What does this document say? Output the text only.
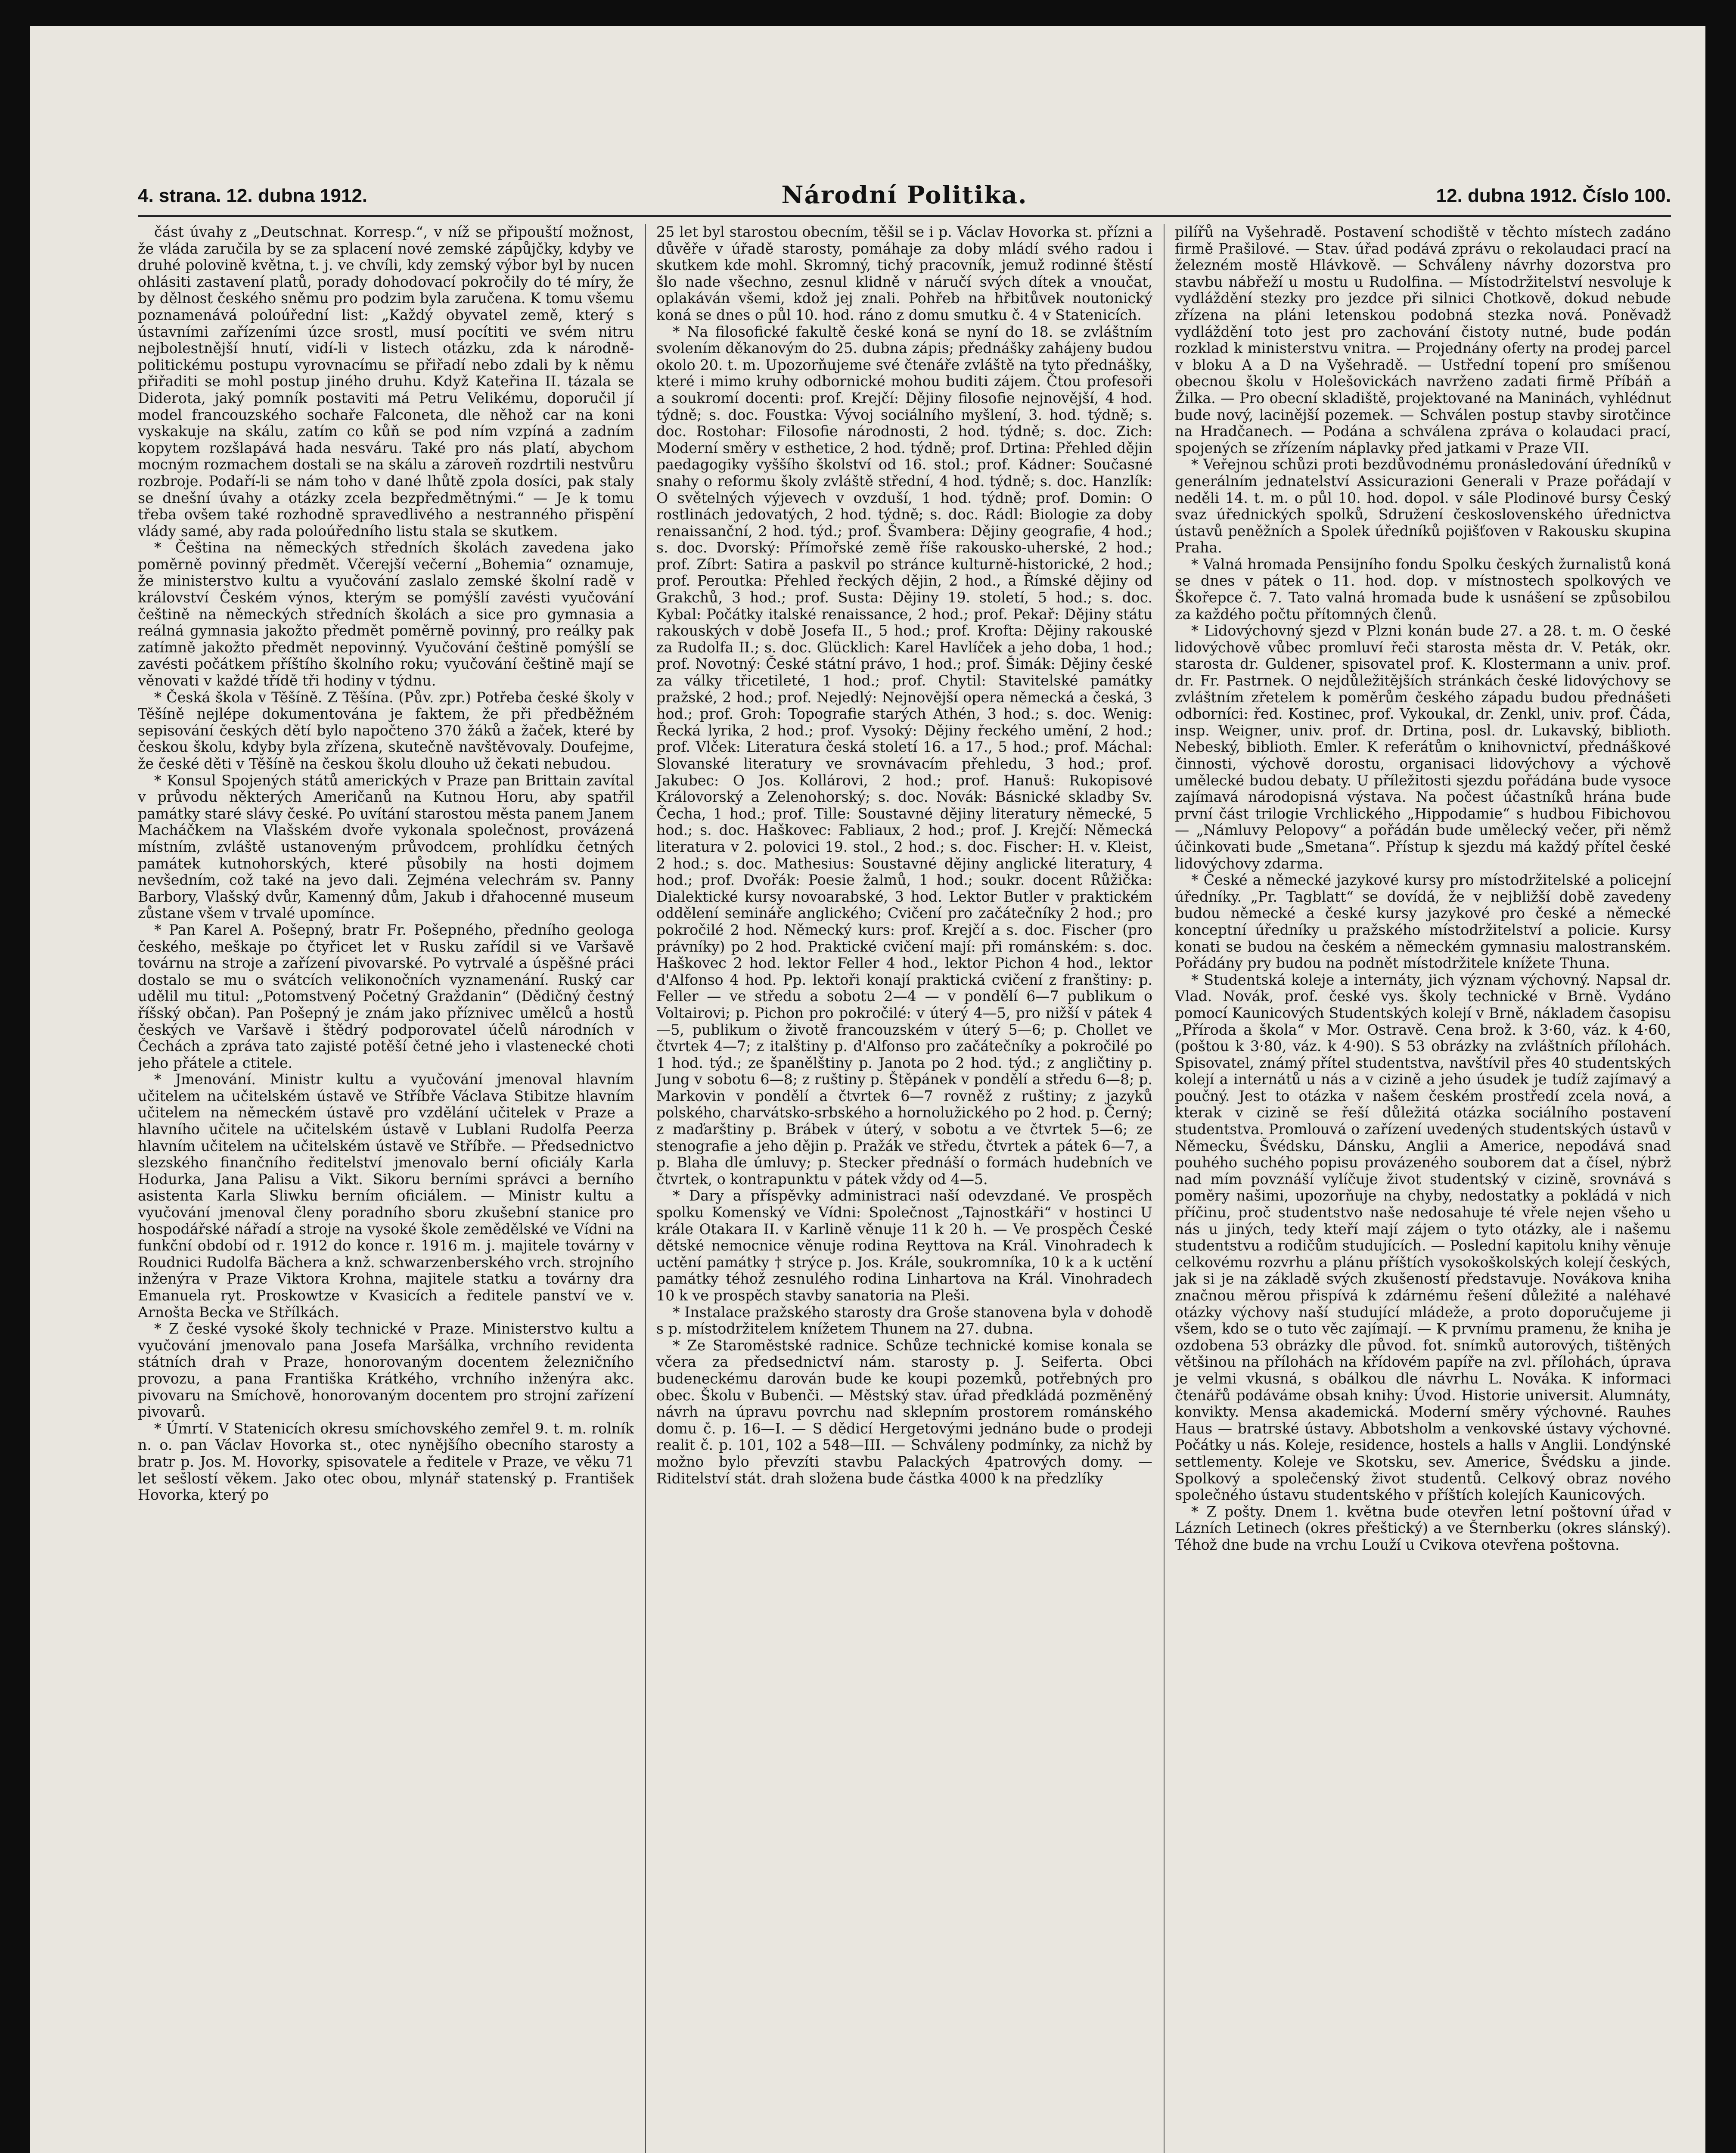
4. strana. 12. dubna 1912.	Národní Politika.	12. dubna 1912. Číslo 100.

část úvahy z „Deutschnat. Korresp.“, v níž se připouští možnost, že vláda zaručila by se za splacení nové zemské zápůjčky, kdyby ve druhé polovině května, t. j. ve chvíli, kdy zemský výbor byl by nucen ohlásiti zastavení platů, porady dohodovací pokročily do té míry, že by dělnost českého sněmu pro podzim byla zaručena. K tomu všemu poznamenává poloúřední list: „Každý obyvatel země, který s ústavními zařízeními úzce srostl, musí pocítiti ve svém nitru nejbolestnější hnutí, vidí-li v listech otázku, zda k národně-politickému postupu vyrovnacímu se přiřadí nebo zdali by k němu přiřaditi se mohl postup jiného druhu. Když Kateřina II. tázala se Diderota, jaký pomník postaviti má Petru Velikému, doporučil jí model francouzského sochaře Falconeta, dle něhož car na koni vyskakuje na skálu, zatím co kůň se pod ním vzpíná a zadním kopytem rozšlapává hada nesváru. Také pro nás platí, abychom mocným rozmachem dostali se na skálu a zároveň rozdrtili nestvůru rozbroje. Podaří-li se nám toho v dané lhůtě zpola dosíci, pak staly se dnešní úvahy a otázky zcela bezpředmětnými.“ — Je k tomu třeba ovšem také rozhodně spravedlivého a nestranného přispění vlády samé, aby rada poloúředního listu stala se skutkem.

* Čeština na německých středních školách zavedena jako poměrně povinný předmět. Včerejší večerní „Bohemia“ oznamuje, že ministerstvo kultu a vyučování zaslalo zemské školní radě v království Českém výnos, kterým se pomýšlí zavésti vyučování češtině na německých středních školách a sice pro gymnasia a reálná gymnasia jakožto předmět poměrně povinný, pro reálky pak zatímně jakožto předmět nepovinný. Vyučování češtině pomýšlí se zavésti počátkem příštího školního roku; vyučování češtině mají se věnovati v každé třídě tři hodiny v týdnu.

* Česká škola v Těšíně. Z Těšína. (Pův. zpr.) Potřeba české školy v Těšíně nejlépe dokumentována je faktem, že při předběžném sepisování českých dětí bylo napočteno 370 žáků a žaček, které by českou školu, kdyby byla zřízena, skutečně navštěvovaly. Doufejme, že české děti v Těšíně na českou školu dlouho už čekati nebudou.

* Konsul Spojených států amerických v Praze pan Brittain zavítal v průvodu některých Američanů na Kutnou Horu, aby spatřil památky staré slávy české. Po uvítání starostou města panem Janem Macháčkem na Vlašském dvoře vykonala společnost, provázená místním, zvláště ustanoveným průvodcem, prohlídku četných památek kutnohorských, které působily na hosti dojmem nevšedním, což také na jevo dali. Zejména velechrám sv. Panny Barbory, Vlašský dvůr, Kamenný dům, Jakub i dřahocenné museum zůstane všem v trvalé upomínce.

* Pan Karel A. Pošepný, bratr Fr. Pošepného, předního geologa českého, meškaje po čtyřicet let v Rusku zařídil si ve Varšavě továrnu na stroje a zařízení pivovarské. Po vytrvalé a úspěšné práci dostalo se mu o svátcích velikonočních vyznamenání. Ruský car udělil mu titul: „Potomstvený Početný Graždanin“ (Dědičný čestný říšský občan). Pan Pošepný je znám jako příznivec umělců a hostů českých ve Varšavě i štědrý podporovatel účelů národních v Čechách a zpráva tato zajisté potěší četné jeho i vlastenecké choti jeho přátele a ctitele.

* Jmenování. Ministr kultu a vyučování jmenoval hlavním učitelem na učitelském ústavě ve Stříbře Václava Stibitze hlavním učitelem na německém ústavě pro vzdělání učitelek v Praze a hlavního učitele na učitelském ústavě v Lublani Rudolfa Peerza hlavním učitelem na učitelském ústavě ve Stříbře. — Předsednictvo slezského finančního ředitelství jmenovalo berní oficiály Karla Hodurka, Jana Palisu a Vikt. Sikoru berními správci a berního asistenta Karla Sliwku berním oficiálem. — Ministr kultu a vyučování jmenoval členy poradního sboru zkušební stanice pro hospodářské nářadí a stroje na vysoké škole zemědělské ve Vídni na funkční období od r. 1912 do konce r. 1916 m. j. majitele továrny v Roudnici Rudolfa Bächera a knž. schwarzenberského vrch. strojního inženýra v Praze Viktora Krohna, majitele statku a továrny dra Emanuela ryt. Proskowtze v Kvasicích a ředitele panství ve v. Arnošta Becka ve Střílkách.

* Z české vysoké školy technické v Praze. Ministerstvo kultu a vyučování jmenovalo pana Josefa Maršálka, vrchního revidenta státních drah v Praze, honorovaným docentem železničního provozu, a pana Františka Krátkého, vrchního inženýra akc. pivovaru na Smíchově, honorovaným docentem pro strojní zařízení pivovarů.

* Úmrtí. V Statenicích okresu smíchovského zemřel 9. t. m. rolník n. o. pan Václav Hovorka st., otec nynějšího obecního starosty a bratr p. Jos. M. Hovorky, spisovatele a ředitele v Praze, ve věku 71 let sešlostí věkem. Jako otec obou, mlynář statenský p. František Hovorka, který po

25 let byl starostou obecním, těšil se i p. Václav Hovorka st. přízni a důvěře v úřadě starosty, pomáhaje za doby mládí svého radou i skutkem kde mohl. Skromný, tichý pracovník, jemuž rodinné štěstí šlo nade všechno, zesnul klidně v náručí svých dítek a vnoučat, oplakáván všemi, kdož jej znali. Pohřeb na hřbitůvek noutonický koná se dnes o půl 10. hod. ráno z domu smutku č. 4 v Statenicích.

* Na filosofické fakultě české koná se nyní do 18. se zvláštním svolením děkanovým do 25. dubna zápis; přednášky zahájeny budou okolo 20. t. m. Upozorňujeme své čtenáře zvláště na tyto přednášky, které i mimo kruhy odbornické mohou buditi zájem. Čtou profesoři a soukromí docenti: prof. Krejčí: Dějiny filosofie nejnovější, 4 hod. týdně; s. doc. Foustka: Vývoj sociálního myšlení, 3. hod. týdně; s. doc. Rostohar: Filosofie národnosti, 2 hod. týdně; s. doc. Zich: Moderní směry v esthetice, 2 hod. týdně; prof. Drtina: Přehled dějin paedagogiky vyššího školství od 16. stol.; prof. Kádner: Současné snahy o reformu školy zvláště střední, 4 hod. týdně; s. doc. Hanzlík: O světelných výjevech v ovzduší, 1 hod. týdně; prof. Domin: O rostlinách jedovatých, 2 hod. týdně; s. doc. Rádl: Biologie za doby renaissanční, 2 hod. týd.; prof. Švambera: Dějiny geografie, 4 hod.; s. doc. Dvorský: Přímořské země říše rakousko-uherské, 2 hod.; prof. Zíbrt: Satira a paskvil po stránce kulturně-historické, 2 hod.; prof. Peroutka: Přehled řeckých dějin, 2 hod., a Římské dějiny od Grakchů, 3 hod.; prof. Susta: Dějiny 19. století, 5 hod.; s. doc. Kybal: Počátky italské renaissance, 2 hod.; prof. Pekař: Dějiny státu rakouských v době Josefa II., 5 hod.; prof. Krofta: Dějiny rakouské za Rudolfa II.; s. doc. Glücklich: Karel Havlíček a jeho doba, 1 hod.; prof. Novotný: České státní právo, 1 hod.; prof. Šimák: Dějiny české za války třicetileté, 1 hod.; prof. Chytil: Stavitelské památky pražské, 2 hod.; prof. Nejedlý: Nejnovější opera německá a česká, 3 hod.; prof. Groh: Topografie starých Athén, 3 hod.; s. doc. Wenig: Řecká lyrika, 2 hod.; prof. Vysoký: Dějiny řeckého umění, 2 hod.; prof. Vlček: Literatura česká století 16. a 17., 5 hod.; prof. Máchal: Slovanské literatury ve srovnávacím přehledu, 3 hod.; prof. Jakubec: O Jos. Kollárovi, 2 hod.; prof. Hanuš: Rukopisové Královorský a Zelenohorský; s. doc. Novák: Básnické skladby Sv. Čecha, 1 hod.; prof. Tille: Soustavné dějiny literatury německé, 5 hod.; s. doc. Haškovec: Fabliaux, 2 hod.; prof. J. Krejčí: Německá literatura v 2. polovici 19. stol., 2 hod.; s. doc. Fischer: H. v. Kleist, 2 hod.; s. doc. Mathesius: Soustavné dějiny anglické literatury, 4 hod.; prof. Dvořák: Poesie žalmů, 1 hod.; soukr. docent Růžička: Dialektické kursy novoarabské, 3 hod. Lektor Butler v praktickém oddělení semináře anglického; Cvičení pro začátečníky 2 hod.; pro pokročilé 2 hod. Německý kurs: prof. Krejčí a s. doc. Fischer (pro právníky) po 2 hod. Praktické cvičení mají: při románském: s. doc. Haškovec 2 hod. lektor Feller 4 hod., lektor Pichon 4 hod., lektor d'Alfonso 4 hod. Pp. lektoři konají praktická cvičení z franštiny: p. Feller — ve středu a sobotu 2—4 — v pondělí 6—7 publikum o Voltairovi; p. Pichon pro pokročilé: v úterý 4—5, pro nižší v pátek 4—5, publikum o životě francouzském v úterý 5—6; p. Chollet ve čtvrtek 4—7; z italštiny p. d'Alfonso pro začátečníky a pokročilé po 1 hod. týd.; ze španělštiny p. Janota po 2 hod. týd.; z angličtiny p. Jung v sobotu 6—8; z ruštiny p. Štěpánek v pondělí a středu 6—8; p. Markovin v pondělí a čtvrtek 6—7 rovněž z ruštiny; z jazyků polského, charvátsko-srbského a hornolužického po 2 hod. p. Černý; z maďarštiny p. Brábek v úterý, v sobotu a ve čtvrtek 5—6; ze stenografie a jeho dějin p. Pražák ve středu, čtvrtek a pátek 6—7, a p. Blaha dle úmluvy; p. Stecker přednáší o formách hudebních ve čtvrtek, o kontrapunktu v pátek vždy od 4—5.

* Dary a příspěvky administraci naší odevzdané. Ve prospěch spolku Komenský ve Vídni: Společnost „Tajnostkáři“ v hostinci U krále Otakara II. v Karlině věnuje 11 k 20 h. — Ve prospěch České dětské nemocnice věnuje rodina Reyttova na Král. Vinohradech k uctění památky † strýce p. Jos. Krále, soukromníka, 10 k a k uctění památky téhož zesnulého rodina Linhartova na Král. Vinohradech 10 k ve prospěch stavby sanatoria na Pleši.

* Instalace pražského starosty dra Groše stanovena byla v dohodě s p. místodržitelem knížetem Thunem na 27. dubna.

* Ze Staroměstské radnice. Schůze technické komise konala se včera za předsednictví nám. starosty p. J. Seiferta. Obci budeneckému darován bude ke koupi pozemků, potřebných pro obec. Školu v Bubenči. — Městský stav. úřad předkládá pozměněný návrh na úpravu povrchu nad sklepním prostorem románského domu č. p. 16—I. — S dědicí Hergetovými jednáno bude o prodeji realit č. p. 101, 102 a 548—III. — Schváleny podmínky, za nichž by možno bylo převzíti stavbu Palackých 4patrových domy. — Riditelství stát. drah složena bude částka 4000 k na předzlíky

pilířů na Vyšehradě. Postavení schodiště v těchto místech zadáno firmě Prašilové. — Stav. úřad podává zprávu o rekolaudaci prací na železném mostě Hlávkově. — Schváleny návrhy dozorstva pro stavbu nábřeží u mostu u Rudolfina. — Místodržitelství nesvoluje k vydláždění stezky pro jezdce při silnici Chotkově, dokud nebude zřízena na pláni letenskou podobná stezka nová. Poněvadž vydláždění toto jest pro zachování čistoty nutné, bude podán rozklad k ministerstvu vnitra. — Projednány oferty na prodej parcel v bloku A a D na Vyšehradě. — Ustřední topení pro smíšenou obecnou školu v Holešovickách navrženo zadati firmě Příbáň a Žilka. — Pro obecní skladiště, projektované na Maninách, vyhlédnut bude nový, lacinější pozemek. — Schválen postup stavby sirotčince na Hradčanech. — Podána a schválena zpráva o kolaudaci prací, spojených se zřízením náplavky před jatkami v Praze VII.

* Veřejnou schůzi proti bezdůvodnému pronásledování úředníků v generálním jednatelství Assicurazioni Generali v Praze pořádají v neděli 14. t. m. o půl 10. hod. dopol. v sále Plodinové bursy Český svaz úřednických spolků, Sdružení československého úřednictva ústavů peněžních a Spolek úředníků pojišťoven v Rakousku skupina Praha.

* Valná hromada Pensijního fondu Spolku českých žurnalistů koná se dnes v pátek o 11. hod. dop. v místnostech spolkových ve Škořepce č. 7. Tato valná hromada bude k usnášení se způsobilou za každého počtu přítomných členů.

* Lidovýchovný sjezd v Plzni konán bude 27. a 28. t. m. O české lidovýchově vůbec promluví řeči starosta města dr. V. Peták, okr. starosta dr. Guldener, spisovatel prof. K. Klostermann a univ. prof. dr. Fr. Pastrnek. O nejdůležitějších stránkách české lidovýchovy se zvláštním zřetelem k poměrům českého západu budou přednášeti odborníci: řed. Kostinec, prof. Vykoukal, dr. Zenkl, univ. prof. Čáda, insp. Weigner, univ. prof. dr. Drtina, posl. dr. Lukavský, biblioth. Nebeský, biblioth. Emler. K referátům o knihovnictví, přednáškové činnosti, výchově dorostu, organisaci lidovýchovy a výchově umělecké budou debaty. U příležitosti sjezdu pořádána bude vysoce zajímavá národopisná výstava. Na počest účastníků hrána bude první část trilogie Vrchlického „Hippodamie“ s hudbou Fibichovou — „Námluvy Pelopovy“ a pořádán bude umělecký večer, při němž účinkovati bude „Smetana“. Přístup k sjezdu má každý přítel české lidovýchovy zdarma.

* České a německé jazykové kursy pro místodržitelské a policejní úředníky. „Pr. Tagblatt“ se dovídá, že v nejbližší době zavedeny budou německé a české kursy jazykové pro české a německé konceptní úředníky u pražského místodržitelství a policie. Kursy konati se budou na českém a německém gymnasiu malostranském. Pořádány pry budou na podnět místodržitele knížete Thuna.

* Studentská koleje a internáty, jich význam výchovný. Napsal dr. Vlad. Novák, prof. české vys. školy technické v Brně. Vydáno pomocí Kaunicových Studentských kolejí v Brně, nákladem časopisu „Příroda a škola“ v Mor. Ostravě. Cena brož. k 3·60, váz. k 4·60, (poštou k 3·80, váz. k 4·90). S 53 obrázky na zvláštních přílohách. Spisovatel, známý přítel studentstva, navštívil přes 40 studentských kolejí a internátů u nás a v cizině a jeho úsudek je tudíž zajímavý a poučný. Jest to otázka v našem českém prostředí zcela nová, a kterak v cizině se řeší důležitá otázka sociálního postavení studentstva. Promlouvá o zařízení uvedených studentských ústavů v Německu, Švédsku, Dánsku, Anglii a Americe, nepodává snad pouhého suchého popisu provázeného souborem dat a čísel, nýbrž nad mím povznáší vylíčuje život studentský v cizině, srovnává s poměry našimi, upozorňuje na chyby, nedostatky a pokládá v nich příčinu, proč studentstvo naše nedosahuje té vřele nejen všeho u nás u jiných, tedy kteří mají zájem o tyto otázky, ale i našemu studentstvu a rodičům studujících. — Poslední kapitolu knihy věnuje celkovému rozvrhu a plánu příštích vysokoškolských kolejí českých, jak si je na základě svých zkušeností představuje. Novákova kniha značnou měrou přispívá k zdárnému řešení důležité a naléhavé otázky výchovy naší studující mládeže, a proto doporučujeme ji všem, kdo se o tuto věc zajímají. — K prvnímu pramenu, že kniha je ozdobena 53 obrázky dle původ. fot. snímků autorových, tištěných většinou na přílohách na křídovém papíře na zvl. přílohách, úprava je velmi vkusná, s obálkou dle návrhu L. Nováka. K informaci čtenářů podáváme obsah knihy: Úvod. Historie universit. Alumnáty, konvikty. Mensa akademická. Moderní směry výchovné. Rauhes Haus — bratrské ústavy. Abbotsholm a venkovské ústavy výchovné. Počátky u nás. Koleje, residence, hostels a halls v Anglii. Londýnské settlementy. Koleje ve Skotsku, sev. Americe, Švédsku a jinde. Spolkový a společenský život studentů. Celkový obraz nového společného ústavu studentského v příštích kolejích Kaunicových.

* Z pošty. Dnem 1. května bude otevřen letní poštovní úřad v Lázních Letinech (okres přeštický) a ve Šternberku (okres slánský). Téhož dne bude na vrchu Louží u Cvikova otevřena poštovna.
